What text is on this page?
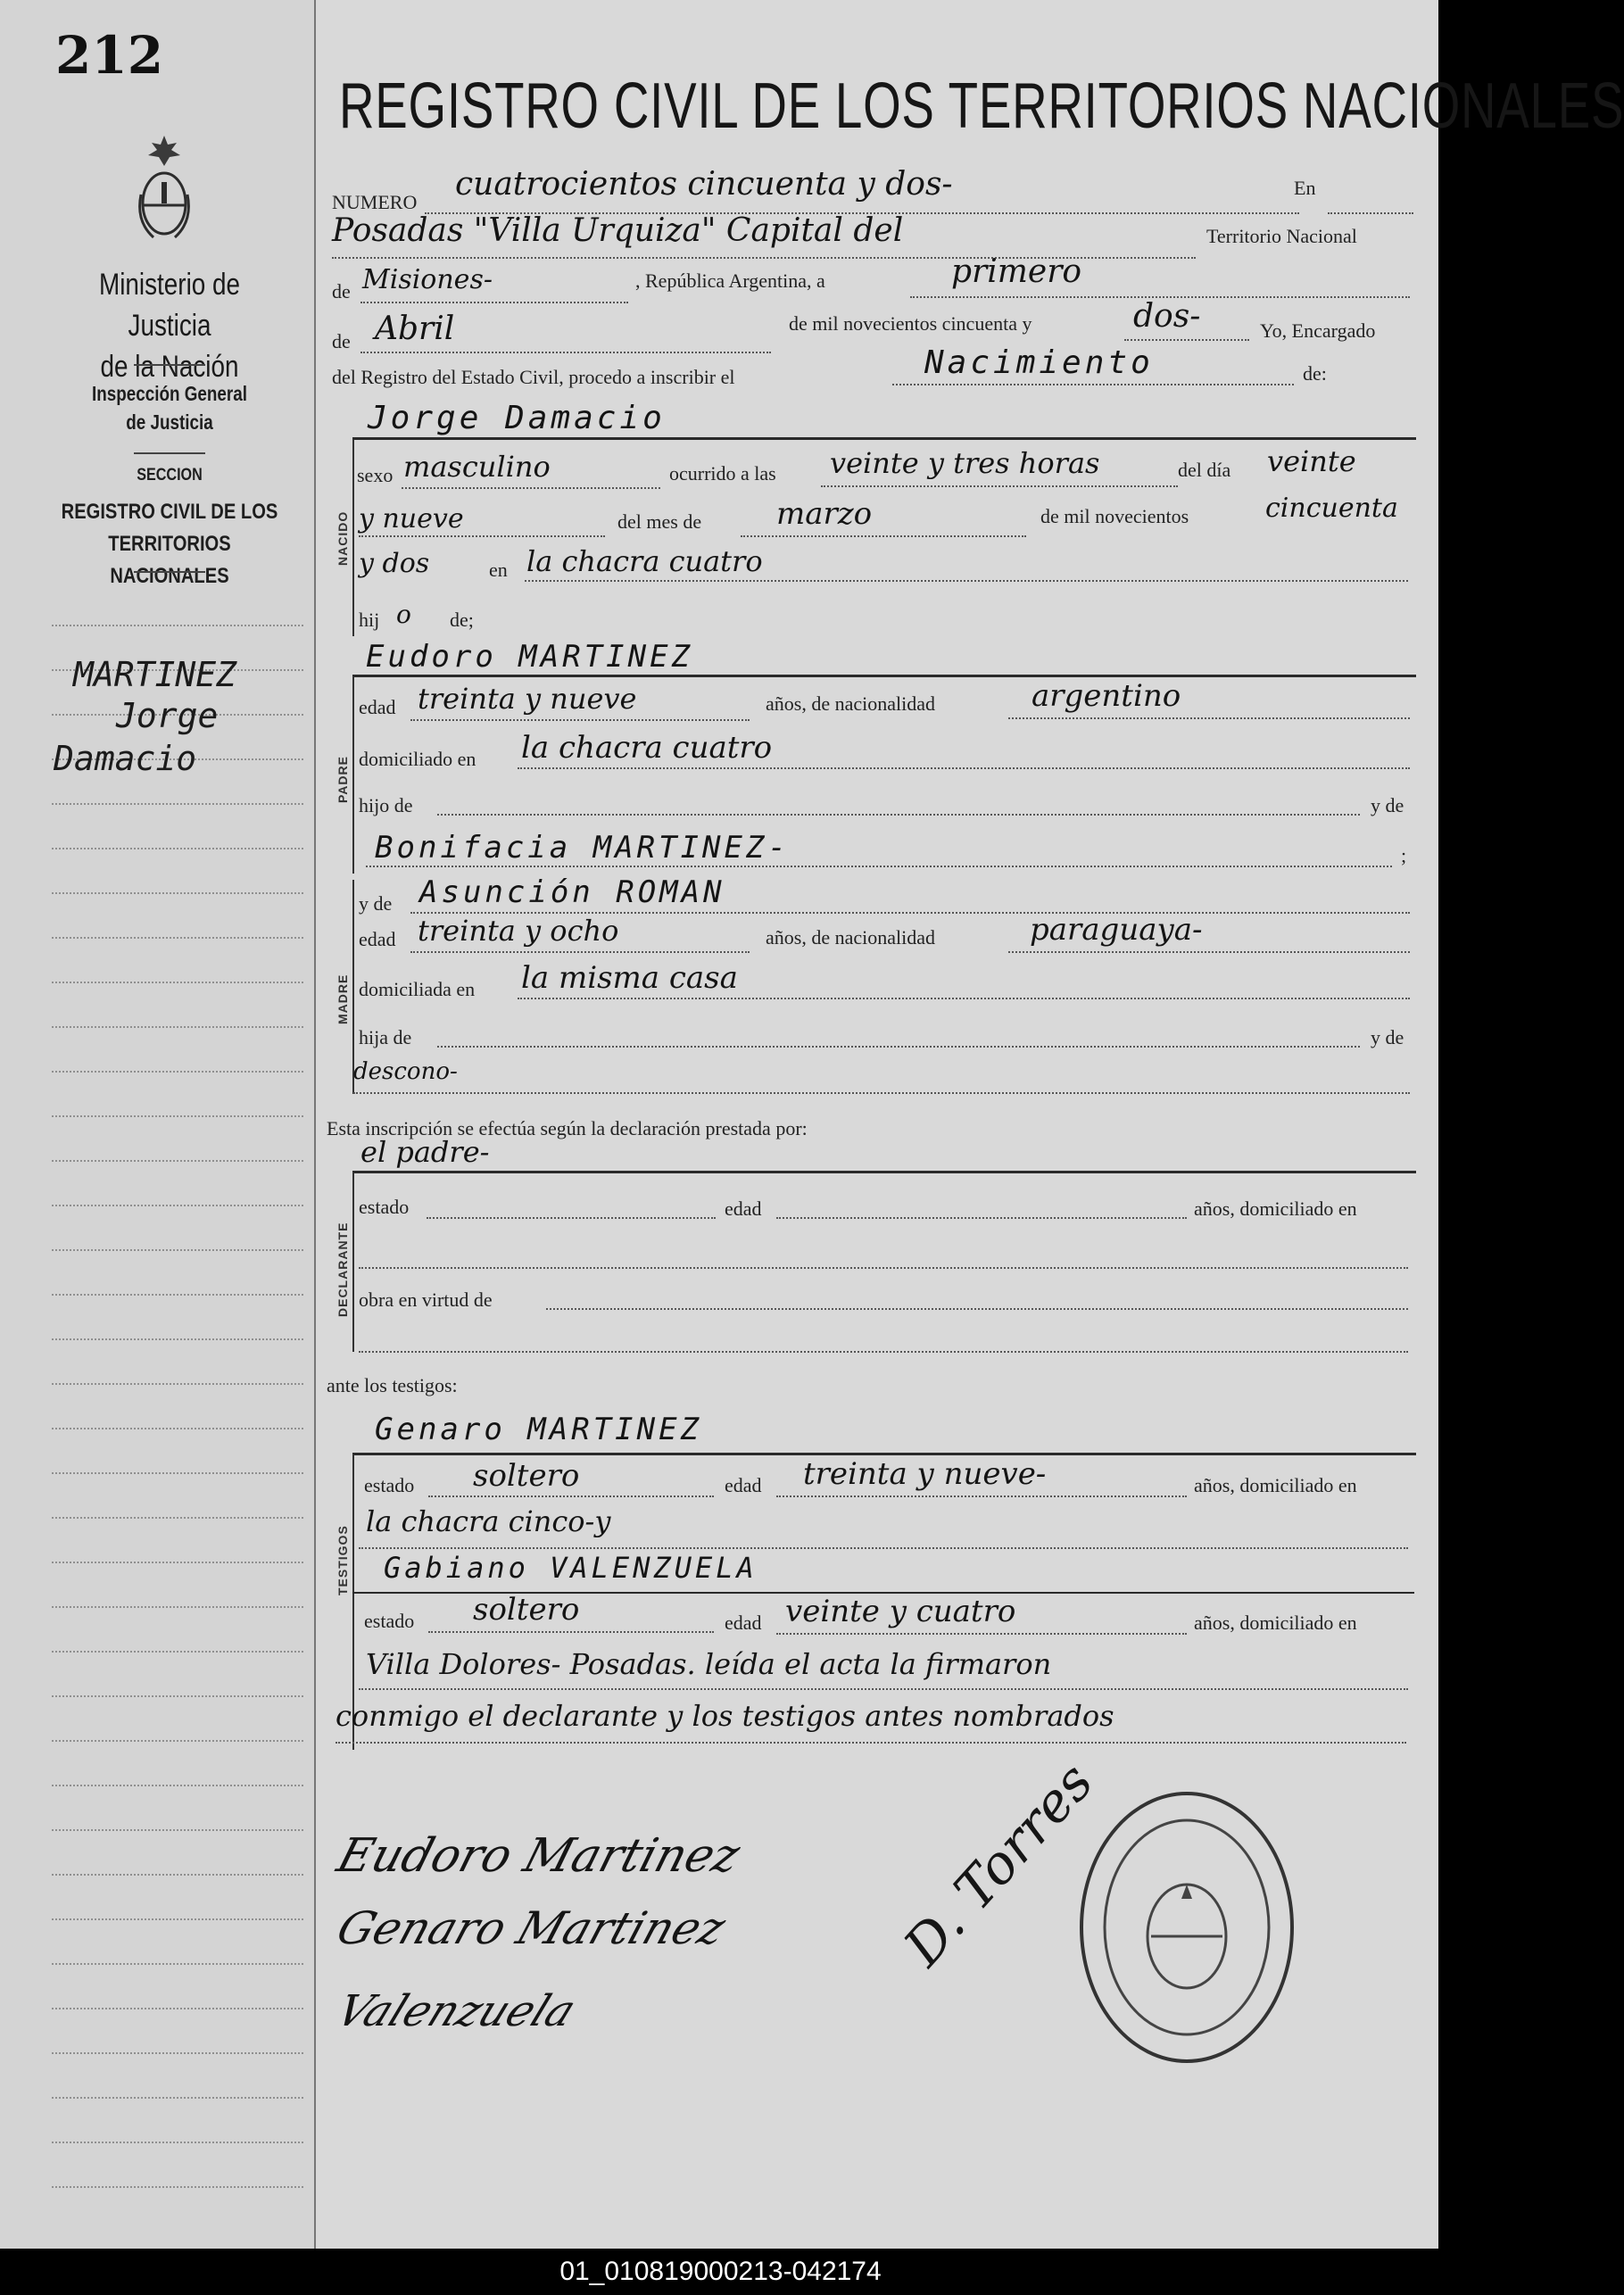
212
Ministerio de Justicia
de la Nación
Inspección General
de Justicia
SECCION
REGISTRO CIVIL DE LOS
TERRITORIOS NACIONALES
MARTINEZ
Jorge
Damacio
REGISTRO CIVIL DE LOS TERRITORIOS NACIONALES
NUMERO cuatrocientos cincuenta y dos-	En
Posadas "Villa Urquiza" Capital del	Territorio Nacional
de Misiones-	, República Argentina, a	primero
de Abril	de mil novecientos cincuenta y	dos-	Yo, Encargado
del Registro del Estado Civil, procedo a inscribir el	Nacimiento	de:
Jorge Damacio
NACIDO
sexo masculino	ocurrido a las veinte y tres horas	del día veinte
y nueve	del mes de marzo	de mil novecientos	cincuenta
y dos	en la chacra cuatro
hij o de;
Eudoro MARTINEZ
PADRE
edad treinta y nueve	años, de nacionalidad	argentino
domiciliado en la chacra cuatro
hijo de	y de
Bonifacia MARTINEZ-	;
MADRE
y de Asunción ROMAN
edad treinta y ocho	años, de nacionalidad	paraguaya-
domiciliada en la misma casa
hija de	y de
descono-
Esta inscripción se efectúa según la declaración prestada por:
el padre-
DECLARANTE
estado	edad	años, domiciliado en
obra en virtud de
ante los testigos:
TESTIGOS
Genaro MARTINEZ
estado soltero	edad treinta y nueve-	años, domiciliado en
la chacra cinco-y
Gabiano VALENZUELA
estado soltero	edad veinte y cuatro	años, domiciliado en
Villa Dolores- Posadas. leída el acta la firmaron
conmigo el declarante y los testigos antes nombrados
Eudoro Martinez
Genaro Martinez
Valenzuela
D. Torres
01_010819000213-042174
